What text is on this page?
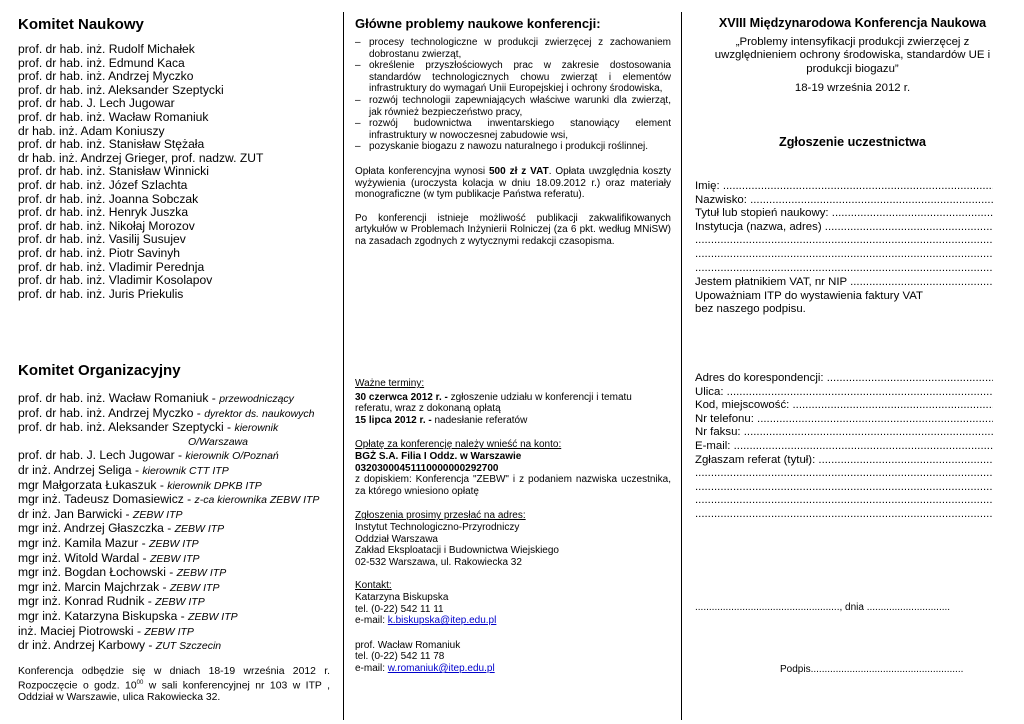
Komitet Naukowy
prof. dr hab. inż. Rudolf Michałek
prof. dr hab. inż. Edmund Kaca
prof. dr hab. inż. Andrzej Myczko
prof. dr hab. inż. Aleksander Szeptycki
prof. dr hab. J. Lech Jugowar
prof. dr hab. inż. Wacław Romaniuk
dr hab. inż. Adam Koniuszy
prof. dr hab. inż. Stanisław Stężała
dr hab. inż. Andrzej Grieger, prof. nadzw. ZUT
prof. dr hab. inż. Stanisław Winnicki
prof. dr hab. inż. Józef Szlachta
prof. dr hab. inż. Joanna Sobczak
prof. dr hab. inż. Henryk Juszka
prof. dr hab. inż. Nikołaj Morozov
prof. dr hab. inż. Vasilij Susujev
prof. dr hab. inż. Piotr Savinyh
prof. dr hab. inż. Vladimir Perednja
prof. dr hab. inż. Vladimir Kosolapov
prof. dr hab. inż. Juris Priekulis
Komitet Organizacyjny
prof. dr hab. inż. Wacław Romaniuk - przewodniczący
prof. dr hab. inż. Andrzej Myczko - dyrektor ds. naukowych
prof. dr hab. inż. Aleksander Szeptycki - kierownik
O/Warszawa
prof. dr hab. J. Lech Jugowar - kierownik O/Poznań
dr inż. Andrzej Seliga - kierownik CTT ITP
mgr Małgorzata Łukaszuk - kierownik DPKB ITP
mgr inż. Tadeusz Domasiewicz - z-ca kierownika ZEBW ITP
dr inż. Jan Barwicki - ZEBW ITP
mgr inż. Andrzej Głaszczka - ZEBW ITP
mgr inż. Kamila Mazur - ZEBW ITP
mgr inż. Witold Wardal - ZEBW ITP
mgr inż. Bogdan Łochowski - ZEBW ITP
mgr inż. Marcin Majchrzak - ZEBW ITP
mgr inż. Konrad Rudnik - ZEBW ITP
mgr inż. Katarzyna Biskupska - ZEBW ITP
inż. Maciej Piotrowski - ZEBW ITP
dr inż. Andrzej Karbowy - ZUT Szczecin

Konferencja odbędzie się w dniach 18-19 września 2012 r. Rozpoczęcie o godz. $10^{00}$ w sali konferencyjnej nr 103 w ITP , Oddział w Warszawie, ulica Rakowiecka 32.

Główne problemy naukowe konferencji:
– procesy technologiczne w produkcji zwierzęcej z zachowaniem dobrostanu zwierząt,
– określenie przyszłościowych prac w zakresie dostosowania standardów technologicznych chowu zwierząt i elementów infrastruktury do wymagań Unii Europejskiej i ochrony środowiska,
– rozwój technologii zapewniających właściwe warunki dla zwierząt, jak również bezpieczeństwo pracy,
– rozwój budownictwa inwentarskiego stanowiący element infrastruktury w nowoczesnej zabudowie wsi,
– pozyskanie biogazu z nawozu naturalnego i produkcji roślinnej.

Opłata konferencyjna wynosi 500 zł z VAT. Opłata uwzględnia koszty wyżywienia (uroczysta kolacja w dniu 18.09.2012 r.) oraz materiały monograficzne (w tym publikacje Państwa referatu).

Po konferencji istnieje możliwość publikacji zakwalifikowanych artykułów w Problemach Inżynierii Rolniczej (za 6 pkt. według MNiSW) na zasadach zgodnych z wytycznymi redakcji czasopisma.

Ważne terminy:
30 czerwca 2012 r. - zgłoszenie udziału w konferencji i tematu referatu, wraz z dokonaną opłatą
15 lipca 2012 r. - nadesłanie referatów
Opłatę za konferencję należy wnieść na konto:
BGŻ S.A. Filia I Oddz. w Warszawie
03203000451110000000292700
z dopiskiem: Konferencja "ZEBW" i z podaniem nazwiska uczestnika, za którego wniesiono opłatę
Zgłoszenia prosimy przesłać na adres:
Instytut Technologiczno-Przyrodniczy
Oddział Warszawa
Zakład Eksploatacji i Budownictwa Wiejskiego
02-532 Warszawa, ul. Rakowiecka 32
Kontakt:
Katarzyna Biskupska
tel. (0-22) 542 11 11
e-mail: k.biskupska@itep.edu.pl
prof. Wacław Romaniuk
tel. (0-22) 542 11 78
e-mail: w.romaniuk@itep.edu.pl
XVIII Międzynarodowa Konferencja Naukowa
„Problemy intensyfikacji produkcji zwierzęcej z uwzględnieniem ochrony środowiska, standardów UE i produkcji biogazu”
18-19 września 2012 r.
Zgłoszenie uczestnictwa
Imię: .....
Nazwisko: .....
Tytuł lub stopień naukowy: .....
Instytucja (nazwa, adres) .....
.....
.....
.....
Jestem płatnikiem VAT, nr NIP .....
Upoważniam ITP do wystawienia faktury VAT
bez naszego podpisu.
Adres do korespondencji: .....
Ulica: .....
Kod, miejscowość: .....
Nr telefonu: .....
Nr faksu: .....
E-mail: .....
Zgłaszam referat (tytuł): .....
.....
.....
.....
.....
...................................................., dnia ..............................
Podpis.......................................................
